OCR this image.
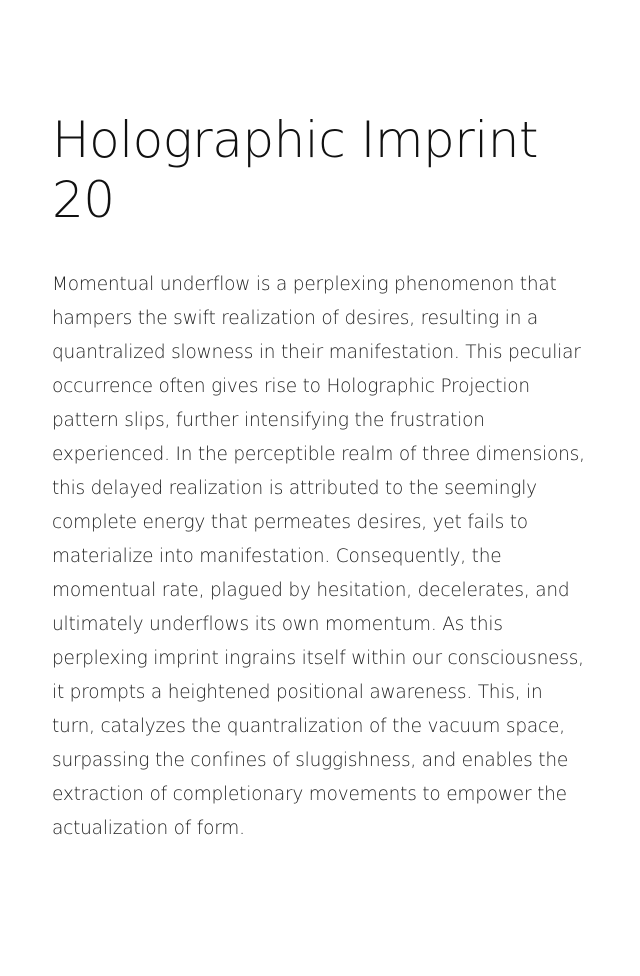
Holographic Imprint 20

Momentual underflow is a perplexing phenomenon that hampers the swift realization of desires, resulting in a quantralized slowness in their manifestation. This peculiar occurrence often gives rise to Holographic Projection pattern slips, further intensifying the frustration experienced. In the perceptible realm of three dimensions, this delayed realization is attributed to the seemingly complete energy that permeates desires, yet fails to materialize into manifestation. Consequently, the momentual rate, plagued by hesitation, decelerates, and ultimately underflows its own momentum. As this perplexing imprint ingrains itself within our consciousness, it prompts a heightened positional awareness. This, in turn, catalyzes the quantralization of the vacuum space, surpassing the confines of sluggishness, and enables the extraction of completionary movements to empower the actualization of form.
